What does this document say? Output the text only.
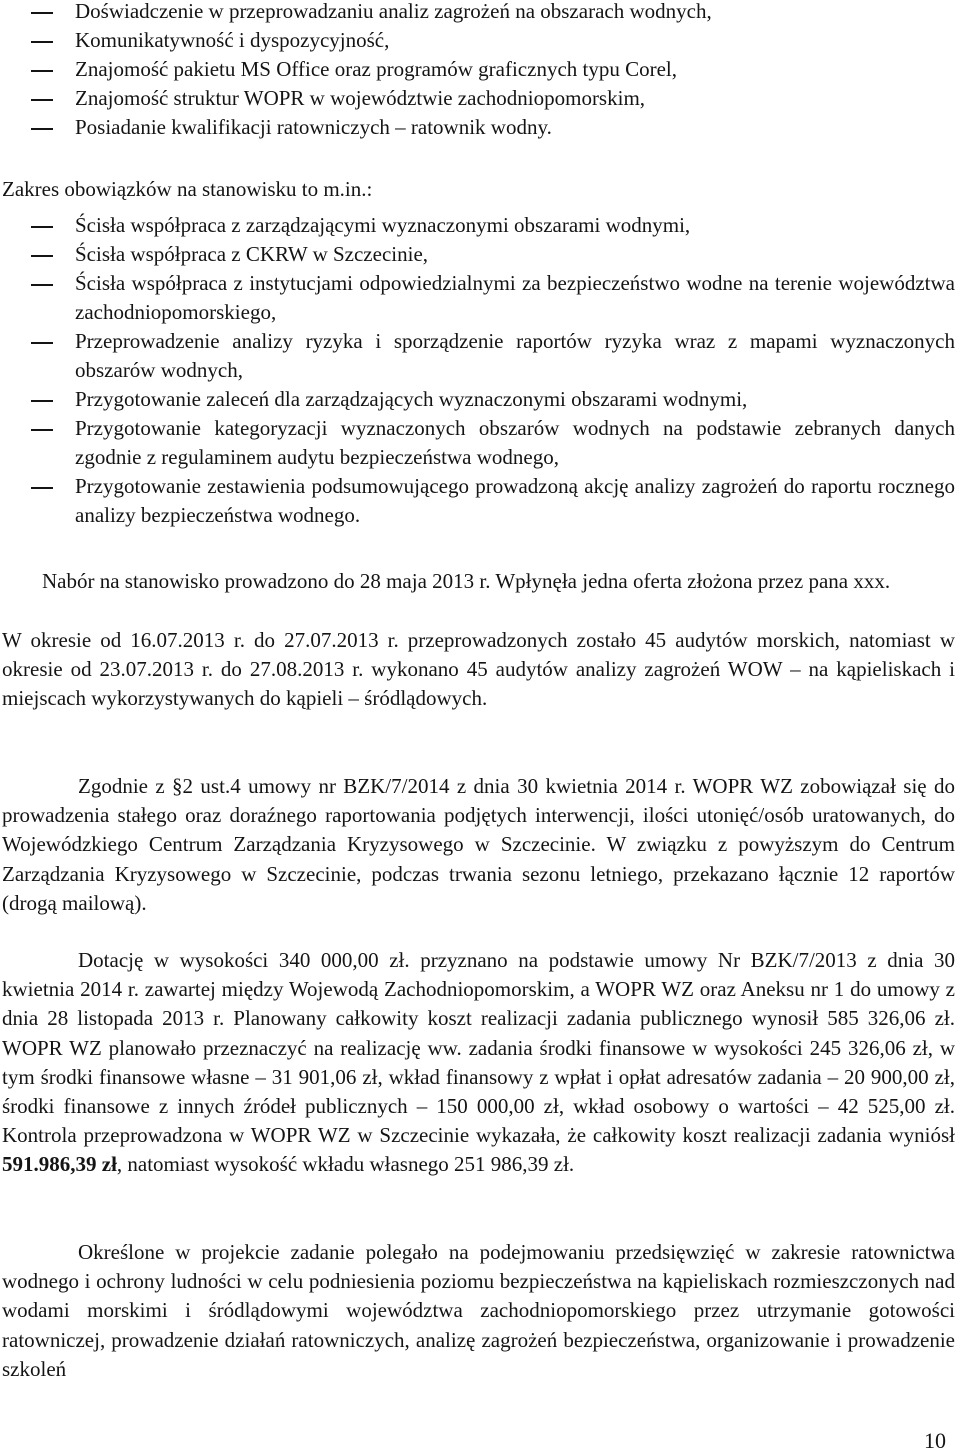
Doświadczenie w przeprowadzaniu analiz zagrożeń na obszarach wodnych,
Komunikatywność i dyspozycyjność,
Znajomość pakietu MS Office oraz programów graficznych typu Corel,
Znajomość struktur WOPR w województwie zachodniopomorskim,
Posiadanie kwalifikacji ratowniczych – ratownik wodny.
Zakres obowiązków na stanowisku to m.in.:
Ścisła współpraca z zarządzającymi wyznaczonymi obszarami wodnymi,
Ścisła współpraca z CKRW w Szczecinie,
Ścisła współpraca z instytucjami odpowiedzialnymi za bezpieczeństwo wodne na terenie województwa zachodniopomorskiego,
Przeprowadzenie analizy ryzyka i sporządzenie raportów ryzyka wraz z mapami wyznaczonych obszarów wodnych,
Przygotowanie zaleceń dla zarządzających wyznaczonymi obszarami wodnymi,
Przygotowanie kategoryzacji wyznaczonych obszarów wodnych na podstawie zebranych danych zgodnie z regulaminem audytu bezpieczeństwa wodnego,
Przygotowanie zestawienia podsumowującego prowadzoną akcję analizy zagrożeń do raportu rocznego analizy bezpieczeństwa wodnego.
Nabór na stanowisko prowadzono do 28 maja 2013 r. Wpłynęła jedna oferta złożona przez pana xxx.
W okresie od 16.07.2013 r. do 27.07.2013 r. przeprowadzonych zostało 45 audytów morskich, natomiast w okresie od 23.07.2013 r. do 27.08.2013 r. wykonano 45 audytów analizy zagrożeń WOW – na kąpieliskach i miejscach wykorzystywanych do kąpieli – śródlądowych.
Zgodnie z §2 ust.4 umowy nr BZK/7/2014 z dnia 30 kwietnia 2014 r. WOPR WZ zobowiązał się do prowadzenia stałego oraz doraźnego raportowania podjętych interwencji, ilości utonięć/osób uratowanych, do Wojewódzkiego Centrum Zarządzania Kryzysowego w Szczecinie. W związku z powyższym do Centrum Zarządzania Kryzysowego w Szczecinie, podczas trwania sezonu letniego, przekazano łącznie 12 raportów (drogą mailową).
Dotację w wysokości 340 000,00 zł. przyznano na podstawie umowy Nr BZK/7/2013 z dnia 30 kwietnia 2014 r. zawartej między Wojewodą Zachodniopomorskim, a WOPR WZ oraz Aneksu nr 1 do umowy z dnia 28 listopada 2013 r. Planowany całkowity koszt realizacji zadania publicznego wynosił 585 326,06 zł. WOPR WZ planowało przeznaczyć na realizację ww. zadania środki finansowe w wysokości 245 326,06 zł, w tym środki finansowe własne – 31 901,06 zł, wkład finansowy z wpłat i opłat adresatów zadania – 20 900,00 zł, środki finansowe z innych źródeł publicznych – 150 000,00 zł, wkład osobowy o wartości – 42 525,00 zł. Kontrola przeprowadzona w WOPR WZ w Szczecinie wykazała, że całkowity koszt realizacji zadania wyniósł 591.986,39 zł, natomiast wysokość wkładu własnego 251 986,39 zł.
Określone w projekcie zadanie polegało na podejmowaniu przedsięwzięć w zakresie ratownictwa wodnego i ochrony ludności w celu podniesienia poziomu bezpieczeństwa na kąpieliskach rozmieszczonych nad wodami morskimi i śródlądowymi województwa zachodniopomorskiego przez utrzymanie gotowości ratowniczej, prowadzenie działań ratowniczych, analizę zagrożeń bezpieczeństwa, organizowanie i prowadzenie szkoleń
10
